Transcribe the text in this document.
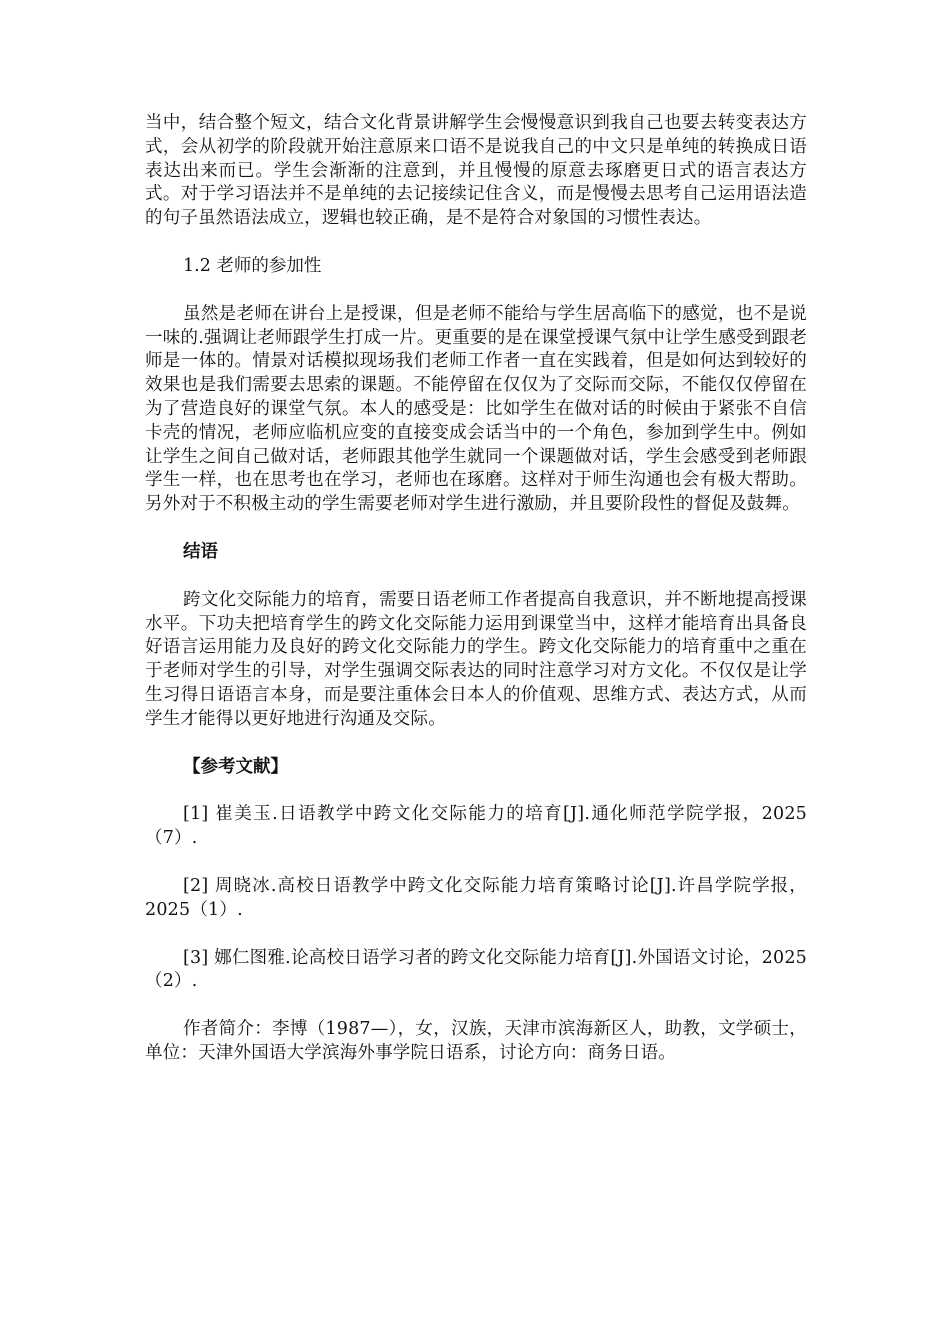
当中，结合整个短文，结合文化背景讲解学生会慢慢意识到我自己也要去转变表达方式，会从初学的阶段就开始注意原来口语不是说我自己的中文只是单纯的转换成日语表达出来而已。学生会渐渐的注意到，并且慢慢的原意去琢磨更日式的语言表达方式。对于学习语法并不是单纯的去记接续记住含义，而是慢慢去思考自己运用语法造的句子虽然语法成立，逻辑也较正确，是不是符合对象国的习惯性表达。

1.2 老师的参加性

虽然是老师在讲台上是授课，但是老师不能给与学生居高临下的感觉，也不是说一味的.强调让老师跟学生打成一片。更重要的是在课堂授课气氛中让学生感受到跟老师是一体的。情景对话模拟现场我们老师工作者一直在实践着，但是如何达到较好的效果也是我们需要去思索的课题。不能停留在仅仅为了交际而交际，不能仅仅停留在为了营造良好的课堂气氛。本人的感受是：比如学生在做对话的时候由于紧张不自信卡壳的情况，老师应临机应变的直接变成会话当中的一个角色，参加到学生中。例如让学生之间自己做对话，老师跟其他学生就同一个课题做对话，学生会感受到老师跟学生一样，也在思考也在学习，老师也在琢磨。这样对于师生沟通也会有极大帮助。另外对于不积极主动的学生需要老师对学生进行激励，并且要阶段性的督促及鼓舞。

结语

跨文化交际能力的培育，需要日语老师工作者提高自我意识，并不断地提高授课水平。下功夫把培育学生的跨文化交际能力运用到课堂当中，这样才能培育出具备良好语言运用能力及良好的跨文化交际能力的学生。跨文化交际能力的培育重中之重在于老师对学生的引导，对学生强调交际表达的同时注意学习对方文化。不仅仅是让学生习得日语语言本身，而是要注重体会日本人的价值观、思维方式、表达方式，从而学生才能得以更好地进行沟通及交际。

【参考文献】

[1] 崔美玉.日语教学中跨文化交际能力的培育[J].通化师范学院学报，2025（7）.

[2] 周晓冰.高校日语教学中跨文化交际能力培育策略讨论[J].许昌学院学报，2025（1）.

[3] 娜仁图雅.论高校日语学习者的跨文化交际能力培育[J].外国语文讨论，2025（2）.

作者简介：李博（1987—），女，汉族，天津市滨海新区人，助教，文学硕士，单位：天津外国语大学滨海外事学院日语系，讨论方向：商务日语。
